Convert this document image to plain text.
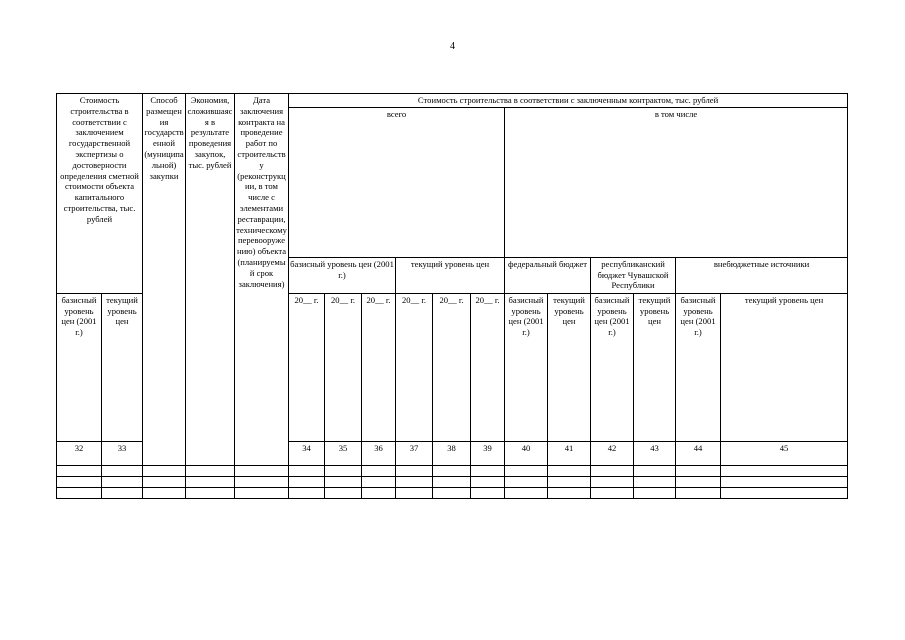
4
Стоимость строительства в соответствии с заключением государственной экспертизы о достоверности определения сметной стоимости объекта капитального строительства, тыс. рублей		Способ размещения государственной (муниципальной) закупки	Экономия, сложившаяся в результате проведения закупок, тыс. рублей	Дата заключения контракта на проведение работ по строительству (реконструкции, в том числе с элементами реставрации, техническому перевооружению) объекта (планируемый срок заключения)	Стоимость строительства в соответствии с заключенным контрактом, тыс. рублей												
					всего						в том числе						
					базисный уровень цен (2001 г.)			текущий уровень цен			федеральный бюджет		республиканский бюджет Чувашской Республики		внебюджетные источники		
базисный уровень цен (2001 г.)	текущий уровень цен				20__ г.	20__ г.	20__ г.	20__ г.	20__ г.	20__ г.	базисный уровень цен (2001 г.)	текущий уровень цен	базисный уровень цен (2001 г.)	текущий уровень цен	базисный уровень цен (2001 г.)	текущий уровень цен	
32	33				34	35	36	37	38	39	40	41	42	43	44	45			
